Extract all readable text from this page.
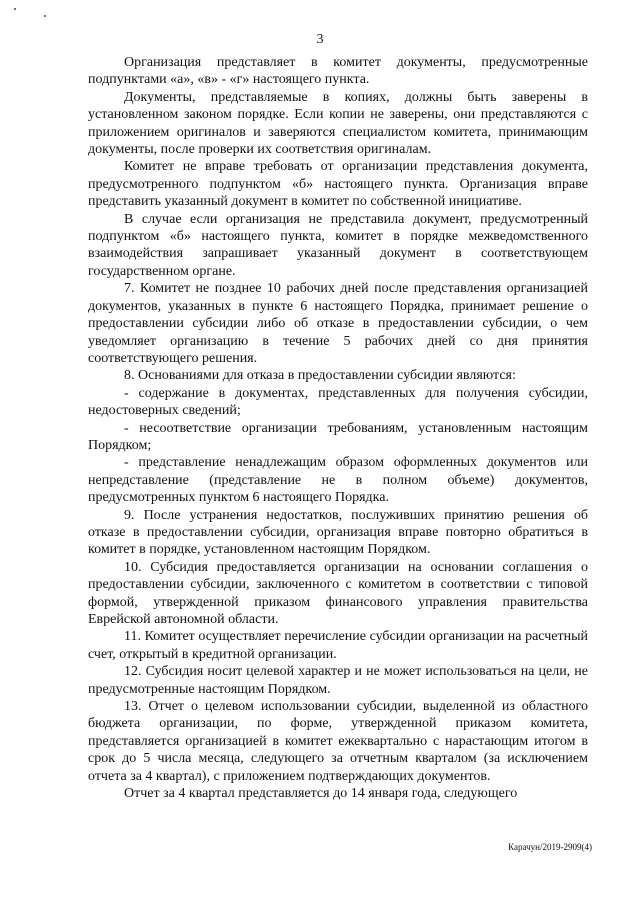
3

Организация представляет в комитет документы, предусмотренные подпунктами «а», «в» - «г» настоящего пункта.

Документы, представляемые в копиях, должны быть заверены в установленном законом порядке. Если копии не заверены, они представляются с приложением оригиналов и заверяются специалистом комитета, принимающим документы, после проверки их соответствия оригиналам.

Комитет не вправе требовать от организации представления документа, предусмотренного подпунктом «б» настоящего пункта. Организация вправе представить указанный документ в комитет по собственной инициативе.

В случае если организация не представила документ, предусмотренный подпунктом «б» настоящего пункта, комитет в порядке межведомственного взаимодействия запрашивает указанный документ в соответствующем государственном органе.

7. Комитет не позднее 10 рабочих дней после представления организацией документов, указанных в пункте 6 настоящего Порядка, принимает решение о предоставлении субсидии либо об отказе в предоставлении субсидии, о чем уведомляет организацию в течение 5 рабочих дней со дня принятия соответствующего решения.

8. Основаниями для отказа в предоставлении субсидии являются:

- содержание в документах, представленных для получения субсидии, недостоверных сведений;

- несоответствие организации требованиям, установленным настоящим Порядком;

- представление ненадлежащим образом оформленных документов или непредставление (представление не в полном объеме) документов, предусмотренных пунктом 6 настоящего Порядка.

9. После устранения недостатков, послуживших принятию решения об отказе в предоставлении субсидии, организация вправе повторно обратиться в комитет в порядке, установленном настоящим Порядком.

10. Субсидия предоставляется организации на основании соглашения о предоставлении субсидии, заключенного с комитетом в соответствии с типовой формой, утвержденной приказом финансового управления правительства Еврейской автономной области.

11. Комитет осуществляет перечисление субсидии организации на расчетный счет, открытый в кредитной организации.

12. Субсидия носит целевой характер и не может использоваться на цели, не предусмотренные настоящим Порядком.

13. Отчет о целевом использовании субсидии, выделенной из областного бюджета организации, по форме, утвержденной приказом комитета, представляется организацией в комитет ежеквартально с нарастающим итогом в срок до 5 числа месяца, следующего за отчетным кварталом (за исключением отчета за 4 квартал), с приложением подтверждающих документов.

Отчет за 4 квартал представляется до 14 января года, следующего

Карачун/2019-2909(4)
